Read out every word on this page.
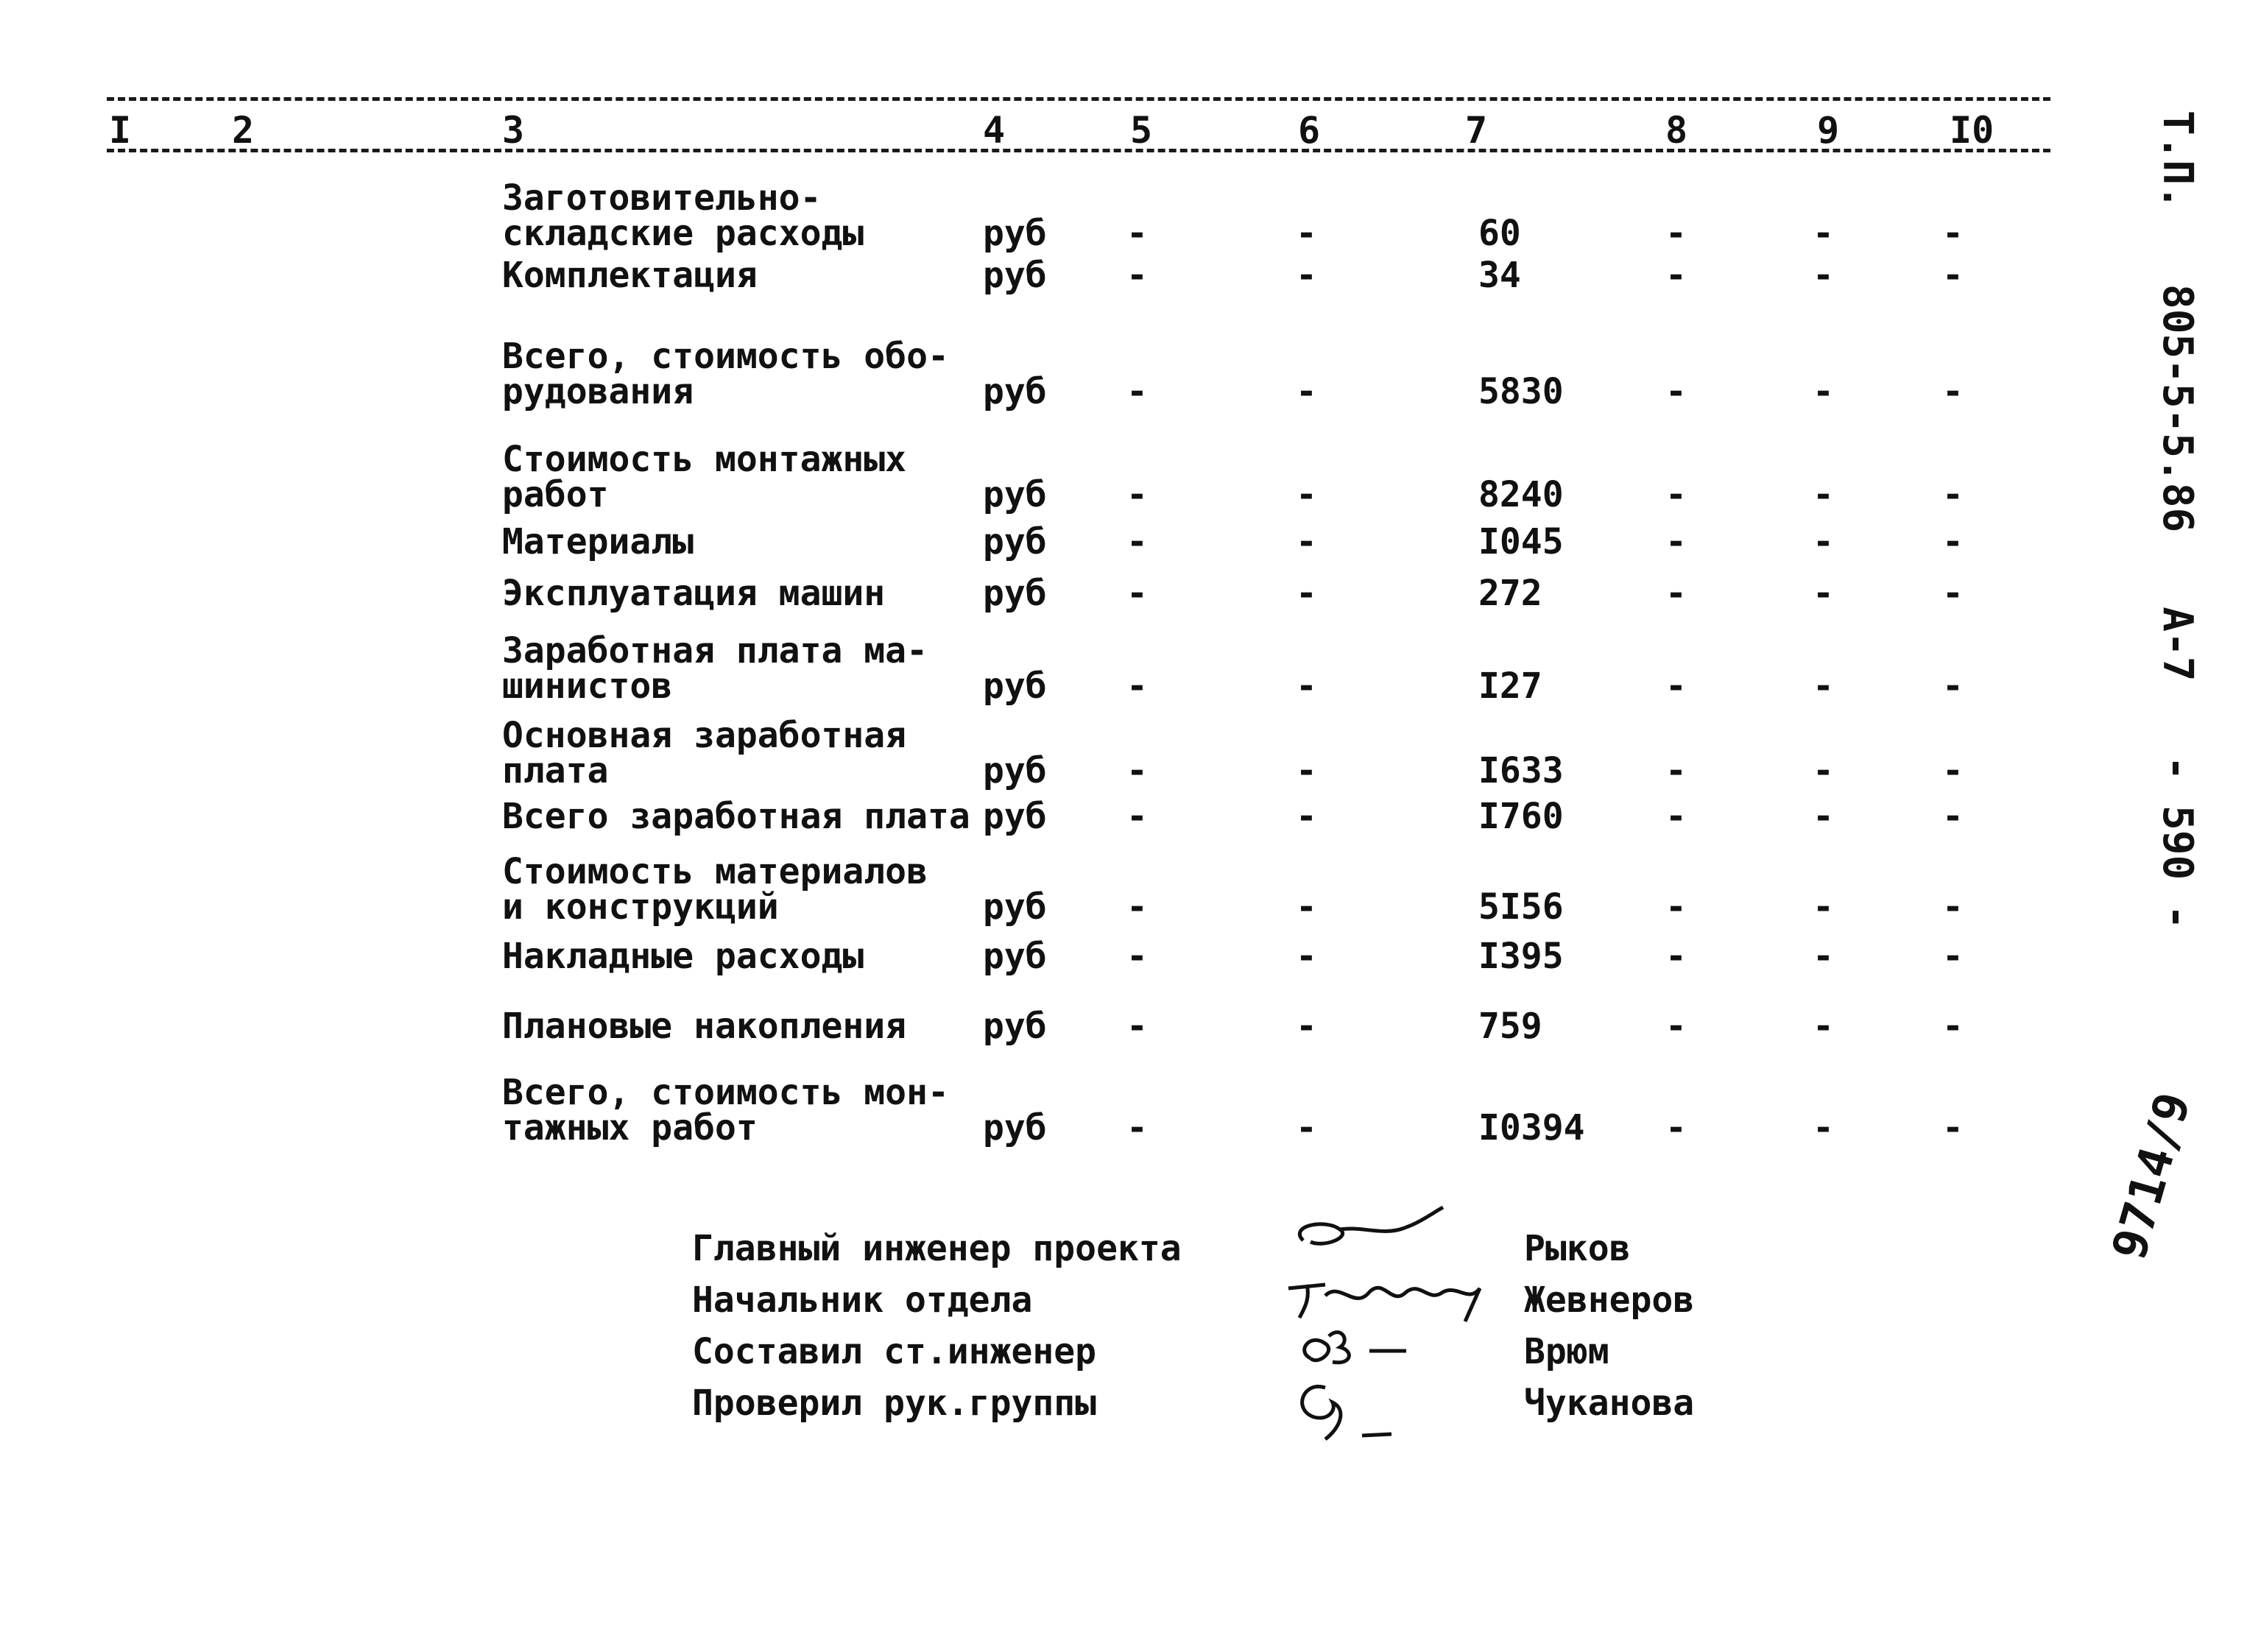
I	2	3	4	5	6	7	8	9	I0
Заготовительно-
складские расходы	руб -	-	60	-	-	-
Комплектация	руб -	-	34	-	-	-
Всего, стоимость обо-
рудования	руб -	-	5830	-	-	-
Стоимость монтажных
работ	руб -	-	8240	-	-	-
Материалы	руб -	-	I045	-	-	-
Эксплуатация машин	руб -	-	272	-	-	-
Заработная плата ма-
шинистов	руб -	-	I27	-	-	-
Основная заработная
плата	руб -	-	I633	-	-	-
Всего заработная плата руб -	-	I760	-	-	-
Стоимость материалов
и конструкций	руб -	-	5I56	-	-	-
Накладные расходы	руб -	-	I395	-	-	-
Плановые накопления	руб -	-	759	-	-	-
Всего, стоимость мон-
тажных работ	руб -	-	I0394 -	-	-
Главный инженер проекта	Рыков
Начальник отдела	Жевнеров
Составил ст.инженер	Врюм
Проверил рук.группы	Чуканова
Т.П.   805-5-5.86   А-7   - 590 -
9714/9
